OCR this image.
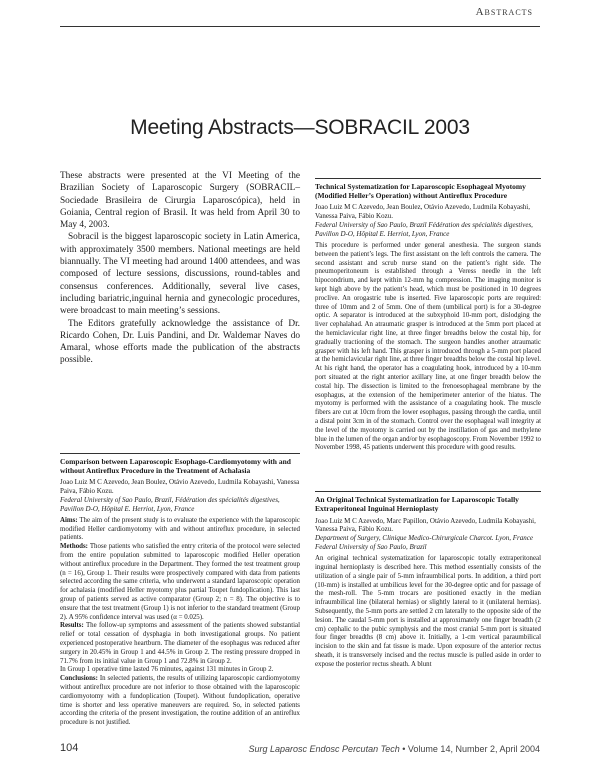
Abstracts
Meeting Abstracts—SOBRACIL 2003

These abstracts were presented at the VI Meeting of the Brazilian Society of Laparoscopic Surgery (SOBRACIL–Sociedade Brasileira de Cirurgia Laparoscópica), held in Goiania, Central region of Brasil. It was held from April 30 to May 4, 2003.

Sobracil is the biggest laparoscopic society in Latin America, with approximately 3500 members. National meetings are held biannually. The VI meeting had around 1400 attendees, and was composed of lecture sessions, discussions, round-tables and consensus conferences. Additionally, several live cases, including bariatric,inguinal hernia and gynecologic procedures, were broadcast to main meeting’s sessions.

The Editors gratefully acknowledge the assistance of Dr. Ricardo Cohen, Dr. Luis Pandini, and Dr. Waldemar Naves do Amaral, whose efforts made the publication of the abstracts possible.

Comparison between Laparoscopic Esophago-Cardiomyotomy with and without Antireflux Procedure in the Treatment of Achalasia

Joao Luiz M C Azevedo, Jean Boulez, Otávio Azevedo, Ludmila Kobayashi, Vanessa Paiva, Fábio Kozu.

Federal University of Sao Paulo, Brazil, Fédération des spécialités digestives, Pavillon D-O, Hôpital E. Herriot, Lyon, France

Aims: The aim of the present study is to evaluate the experience with the laparoscopic modified Heller cardiomyotomy with and without antireflux procedure, in selected patients.

Methods: Those patients who satisfied the entry criteria of the protocol were selected from the entire population submitted to laparoscopic modified Heller operation without antireflux procedure in the Department. They formed the test treatment group (n = 16), Group 1. Their results were prospectively compared with data from patients selected according the same criteria, who underwent a standard laparoscopic operation for achalasia (modified Heller myotomy plus partial Toupet fundoplication). This last group of patients served as active comparator (Group 2; n = 8). The objective is to ensure that the test treatment (Group 1) is not inferior to the standard treatment (Group 2). A 95% confidence interval was used (α = 0.025).

Results: The follow-up symptoms and assessment of the patients showed substantial relief or total cessation of dysphagia in both investigational groups. No patient experienced postoperative heartburn. The diameter of the esophagus was reduced after surgery in 20.45% in Group 1 and 44.5% in Group 2. The resting pressure dropped in 71.7% from its initial value in Group 1 and 72.8% in Group 2.

In Group 1 operative time lasted 76 minutes, against 131 minutes in Group 2.

Conclusions: In selected patients, the results of utilizing laparoscopic cardiomyotomy without antireflux procedure are not inferior to those obtained with the laparoscopic cardiomyotomy with a fundoplication (Toupet). Without fundoplication, operative time is shorter and less operative maneuvers are required. So, in selected patients according the criteria of the present investigation, the routine addition of an antireflux procedure is not justified.

Technical Systematization for Laparoscopic Esophageal Myotomy (Modified Heller’s Operation) without Antireflux Procedure

Joao Luiz M C Azevedo, Jean Boulez, Otávio Azevedo, Ludmila Kobayashi, Vanessa Paiva, Fábio Kozu.

Federal University of Sao Paulo, Brazil Fédération des spécialités digestives, Pavillon D-O, Hôpital E. Herriot, Lyon, France

This procedure is performed under general anesthesia. The surgeon stands between the patient’s legs. The first assistant on the left controls the camera. The second assistant and scrub nurse stand on the patient’s right side. The pneumoperitoneum is established through a Veress needle in the left hipocondrium, and kept within 12-mm hg compression. The imaging monitor is kept high above by the patient’s head, which must be positioned in 10 degrees proclive. An orogastric tube is inserted. Five laparoscopic ports are required: three of 10mm and 2 of 5mm. One of them (umbilical port) is for a 30-degree optic. A separator is introduced at the subxyphoid 10-mm port, dislodging the liver cephalahad. An atraumatic grasper is introduced at the 5mm port placed at the hemiclavicular right line, at three finger breadths below the costal hip, for gradually tractioning of the stomach. The surgeon handles another atraumatic grasper with his left hand. This grasper is introduced through a 5-mm port placed at the hemiclavicular right line, at three finger breadths below the costal hip level. At his right hand, the operator has a coagulating hook, introduced by a 10-mm port situated at the right anterior axillary line, at one finger breadth below the costal hip. The dissection is limited to the frenoesophageal membrane by the esophagus, at the extension of the hemiperimeter anterior of the hiatus. The myotomy is performed with the assistance of a coagulating hook. The muscle fibers are cut at 10cm from the lower esophagus, passing through the cardia, until a distal point 3cm in of the stomach. Control over the esophageal wall integrity at the level of the myotomy is carried out by the instillation of gas and methylene blue in the lumen of the organ and/or by esophagoscopy. From November 1992 to November 1998, 45 patients underwent this procedure with good results.

An Original Technical Systematization for Laparoscopic Totally Extraperitoneal Inguinal Hernioplasty

Joao Luiz M C Azevedo, Marc Papillon, Otávio Azevedo, Ludmila Kobayashi, Vanessa Paiva, Fábio Kozu.

Department of Surgery, Clinique Medico-Chirurgicale Charcot. Lyon, France Federal University of Sao Paulo, Brazil

An original technical systematization for laparoscopic totally extraperitoneal inguinal hernioplasty is described here. This method essentially consists of the utilization of a single pair of 5-mm infraumbilical ports. In addition, a third port (10-mm) is installed at umbilicus level for the 30-degree optic and for passage of the mesh-roll. The 5-mm trocars are positioned exactly in the median infraumbilical line (bilateral hernias) or slightly lateral to it (unilateral hernias). Subsequently, the 5-mm ports are settled 2 cm laterally to the opposite side of the lesion. The caudal 5-mm port is installed at approximately one finger breadth (2 cm) cephalic to the pubic symphysis and the most cranial 5-mm port is situated four finger breadths (8 cm) above it. Initially, a 1-cm vertical paraumbilical incision to the skin and fat tissue is made. Upon exposure of the anterior rectus sheath, it is transversely incised and the rectus muscle is pulled aside in order to expose the posterior rectus sheath. A blunt

104	Surg Laparosc Endosc Percutan Tech • Volume 14, Number 2, April 2004
